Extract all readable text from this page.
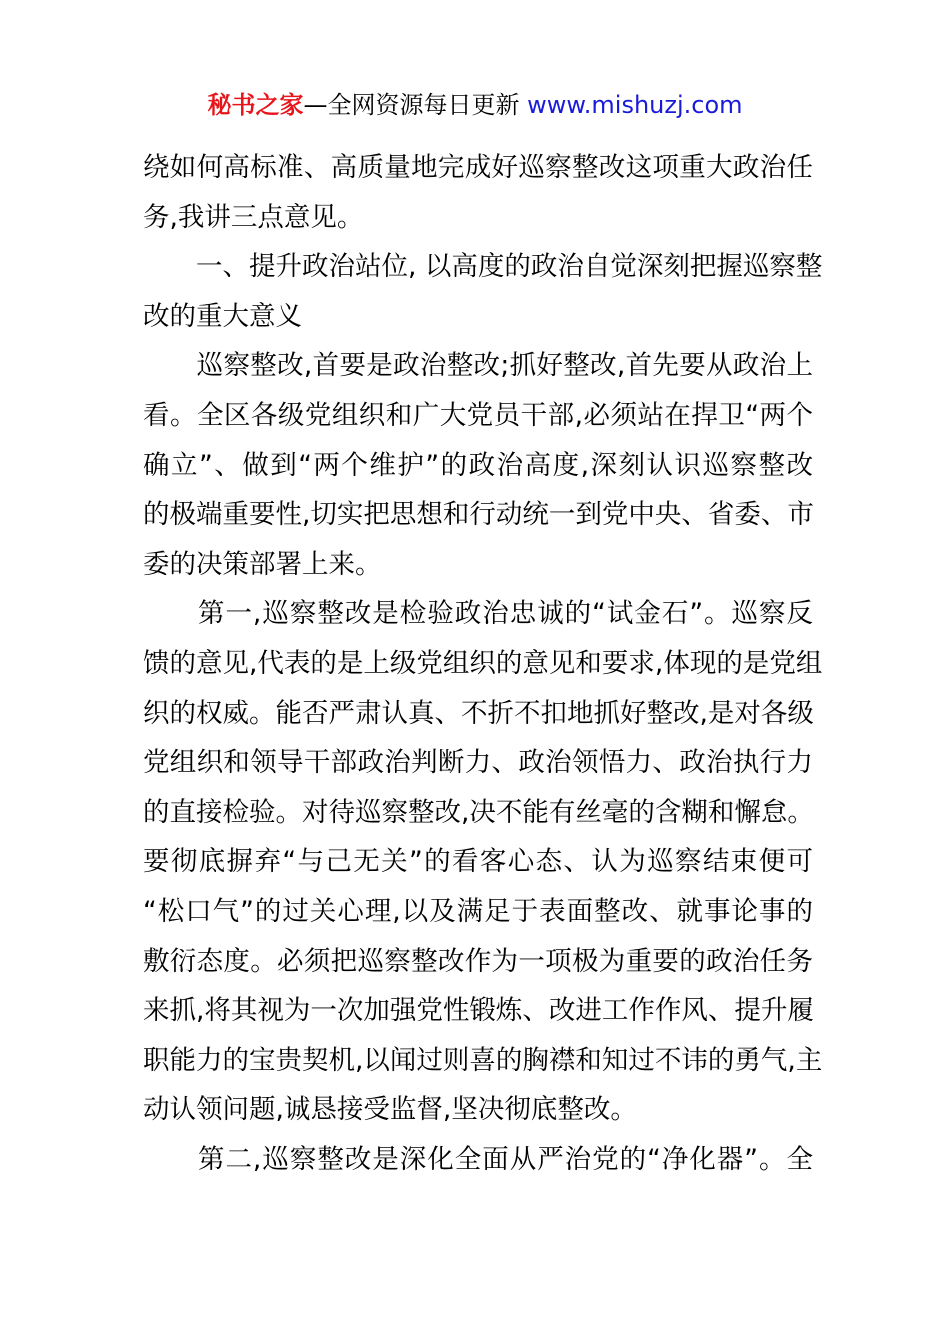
秘书之家—全网资源每日更新 www.mishuzj.com
绕如何高标准、高质量地完成好巡察整改这项重大政治任
务,我讲三点意见。
　　一、提升政治站位, 以高度的政治自觉深刻把握巡察整
改的重大意义
　　巡察整改,首要是政治整改;抓好整改,首先要从政治上
看。全区各级党组织和广大党员干部,必须站在捍卫“两个
确立”、做到“两个维护”的政治高度,深刻认识巡察整改
的极端重要性,切实把思想和行动统一到党中央、省委、市
委的决策部署上来。
　　第一,巡察整改是检验政治忠诚的“试金石”。巡察反
馈的意见,代表的是上级党组织的意见和要求,体现的是党组
织的权威。能否严肃认真、不折不扣地抓好整改,是对各级
党组织和领导干部政治判断力、政治领悟力、政治执行力
的直接检验。对待巡察整改,决不能有丝毫的含糊和懈怠。
要彻底摒弃“与己无关”的看客心态、认为巡察结束便可
“松口气”的过关心理,以及满足于表面整改、就事论事的
敷衍态度。必须把巡察整改作为一项极为重要的政治任务
来抓,将其视为一次加强党性锻炼、改进工作作风、提升履
职能力的宝贵契机,以闻过则喜的胸襟和知过不讳的勇气,主
动认领问题,诚恳接受监督,坚决彻底整改。
　　第二,巡察整改是深化全面从严治党的“净化器”。全
